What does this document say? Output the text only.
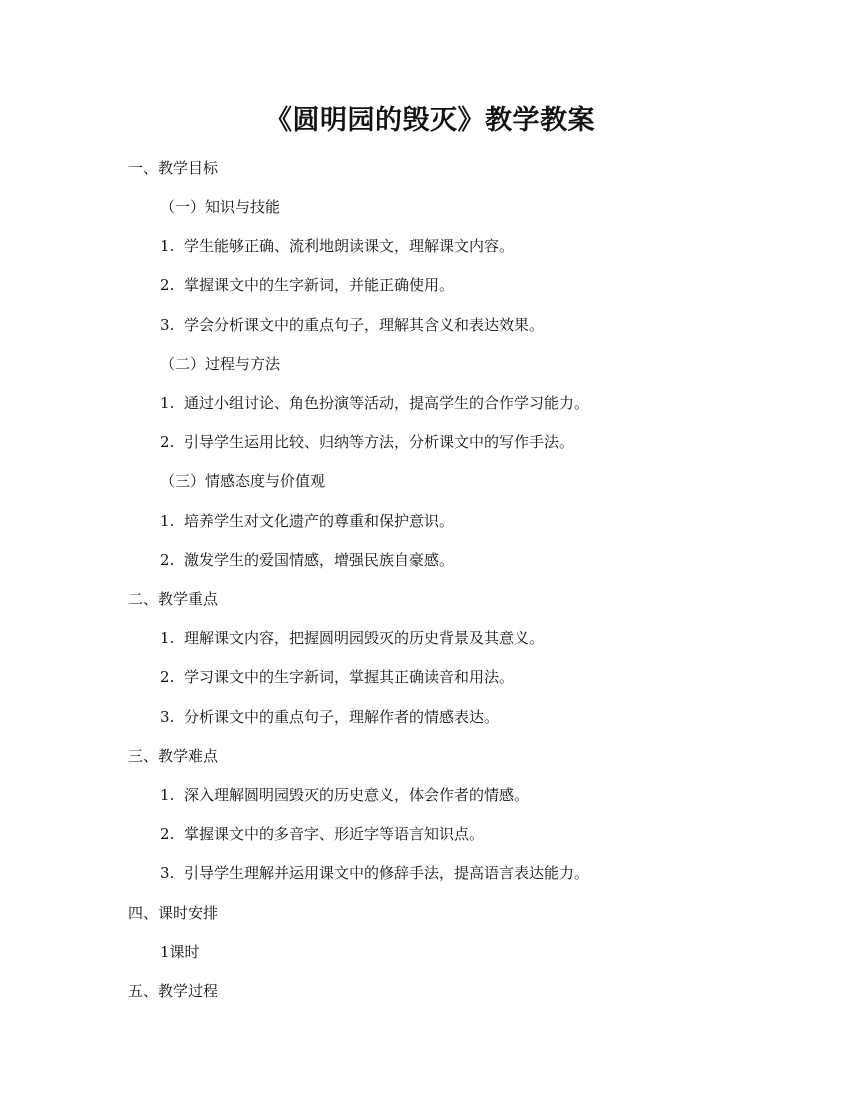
《圆明园的毁灭》教学教案
一、教学目标
（一）知识与技能
1. 学生能够正确、流利地朗读课文，理解课文内容。
2. 掌握课文中的生字新词，并能正确使用。
3. 学会分析课文中的重点句子，理解其含义和表达效果。
（二）过程与方法
1. 通过小组讨论、角色扮演等活动，提高学生的合作学习能力。
2. 引导学生运用比较、归纳等方法，分析课文中的写作手法。
（三）情感态度与价值观
1. 培养学生对文化遗产的尊重和保护意识。
2. 激发学生的爱国情感，增强民族自豪感。
二、教学重点
1. 理解课文内容，把握圆明园毁灭的历史背景及其意义。
2. 学习课文中的生字新词，掌握其正确读音和用法。
3. 分析课文中的重点句子，理解作者的情感表达。
三、教学难点
1. 深入理解圆明园毁灭的历史意义，体会作者的情感。
2. 掌握课文中的多音字、形近字等语言知识点。
3. 引导学生理解并运用课文中的修辞手法，提高语言表达能力。
四、课时安排
1课时
五、教学过程
